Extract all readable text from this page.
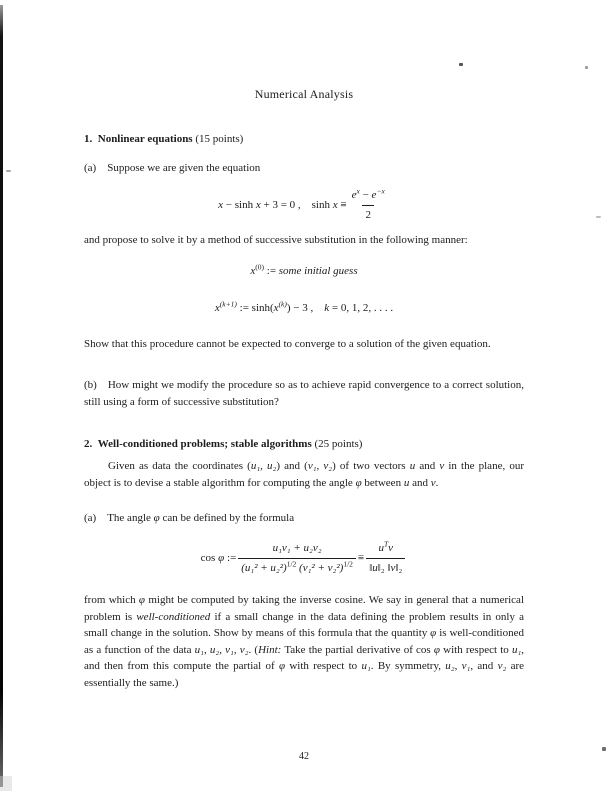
Numerical Analysis
1. Nonlinear equations (15 points)
(a) Suppose we are given the equation
x − sinh x + 3 = 0 ,  $\sinh x \equiv \frac{e^x - e^{-x}}{2}$
and propose to solve it by a method of successive substitution in the following manner:
$x^{(0)}$ := some initial guess
$x^{(k+1)}$ := $\sinh(x^{(k)}) - 3$ ,  k = 0, 1, 2, . . . .
Show that this procedure cannot be expected to converge to a solution of the given equation.
(b) How might we modify the procedure so as to achieve rapid convergence to a correct solution, still using a form of successive substitution?
2. Well-conditioned problems; stable algorithms (25 points)
Given as data the coordinates (u₁, u₂) and (v₁, v₂) of two vectors u and v in the plane, our object is to devise a stable algorithm for computing the angle φ between u and v.
(a) The angle φ can be defined by the formula
cos φ := $\frac{\text{u₁v₁ + u₂v₂}}{(u_1^2 + u_2^2)^{1/2} (v_1^2 + v_2^2)^{1/2}} \equiv \frac{u^Tv}{\text{‖u‖₂ ‖v‖₂}}$
from which φ might be computed by taking the inverse cosine. We say in general that a numerical problem is well-conditioned if a small change in the data defining the problem results in only a small change in the solution. Show by means of this formula that the quantity φ is well-conditioned as a function of the data u₁, u₂, v₁, v₂. (Hint: Take the partial derivative of cos φ with respect to u₁, and then from this compute the partial of φ with respect to u₁. By symmetry, u₂, v₁, and v₂ are essentially the same.)
42
